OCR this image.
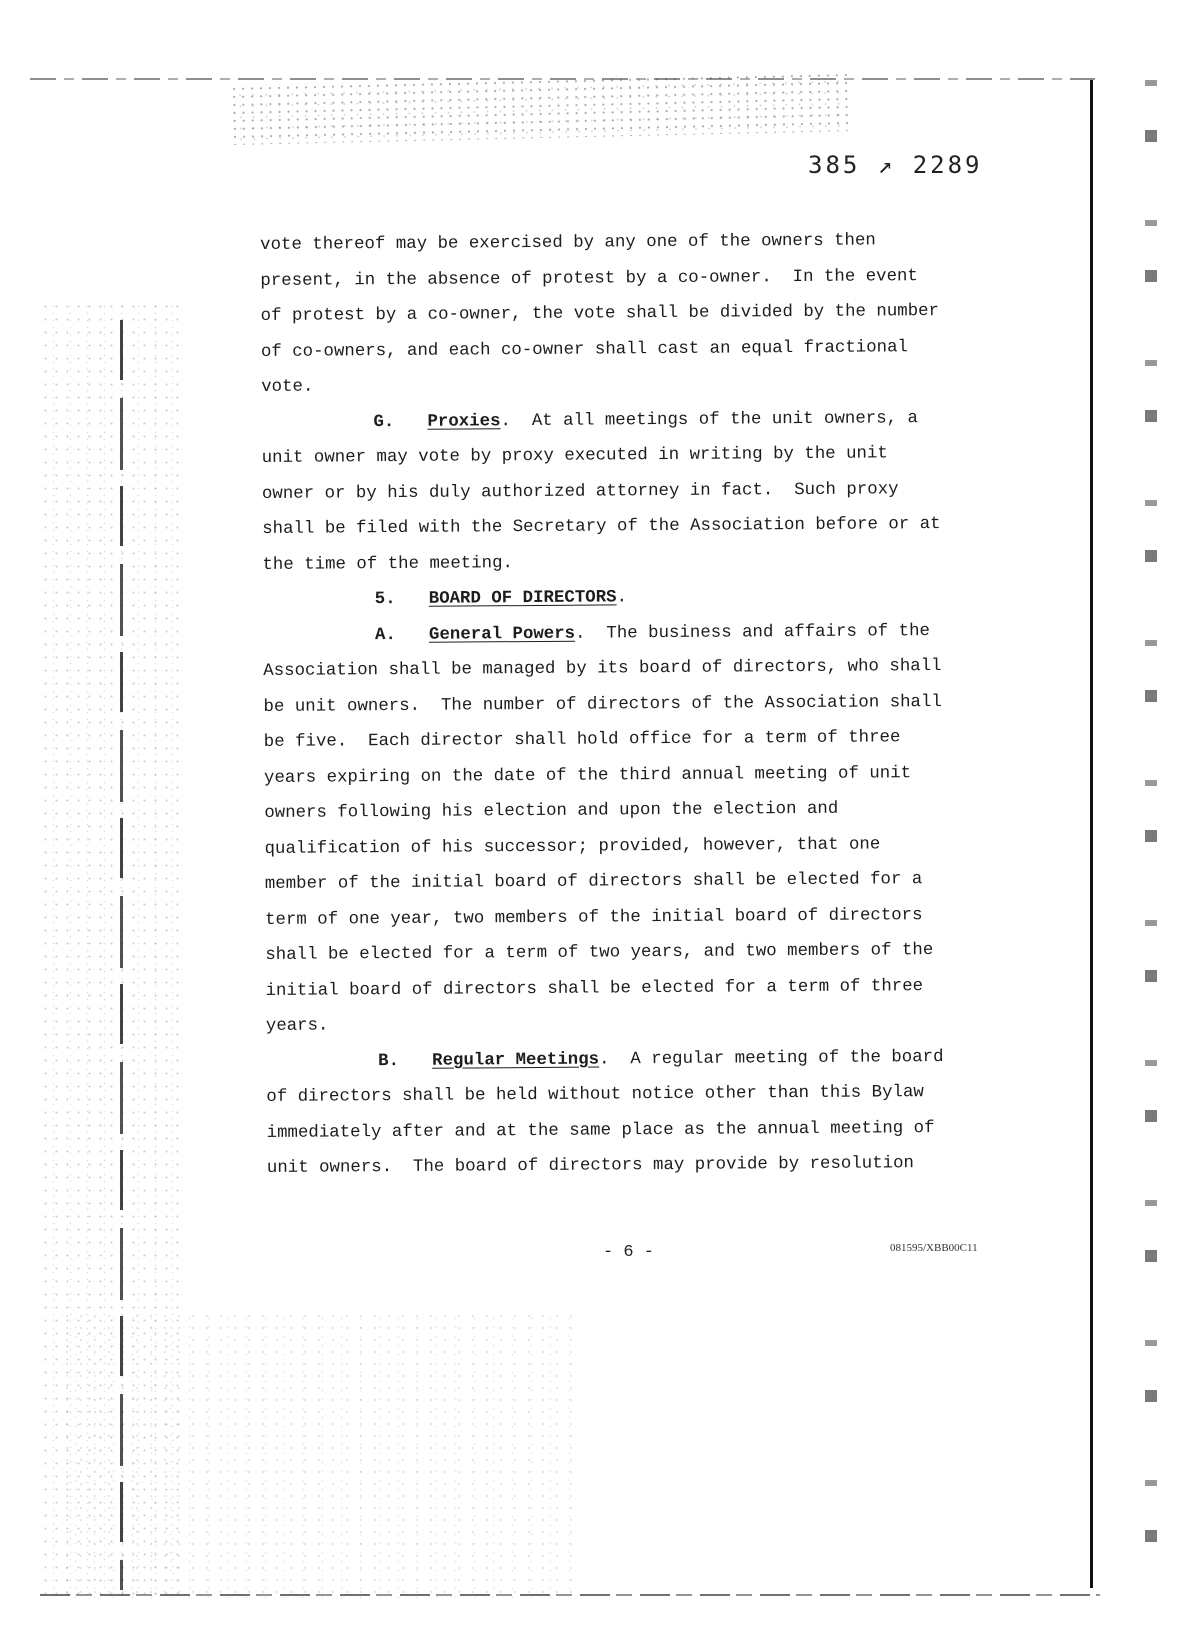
385 ↗ 2289

vote thereof may be exercised by any one of the owners then

present, in the absence of protest by a co-owner.  In the event

of protest by a co-owner, the vote shall be divided by the number

of co-owners, and each co-owner shall cast an equal fractional

vote.

G. Proxies.  At all meetings of the unit owners, a

unit owner may vote by proxy executed in writing by the unit

owner or by his duly authorized attorney in fact.  Such proxy

shall be filed with the Secretary of the Association before or at

the time of the meeting.

5. BOARD OF DIRECTORS.

A. General Powers.  The business and affairs of the

Association shall be managed by its board of directors, who shall

be unit owners.  The number of directors of the Association shall

be five.  Each director shall hold office for a term of three

years expiring on the date of the third annual meeting of unit

owners following his election and upon the election and

qualification of his successor; provided, however, that one

member of the initial board of directors shall be elected for a

term of one year, two members of the initial board of directors

shall be elected for a term of two years, and two members of the

initial board of directors shall be elected for a term of three

years.

B. Regular Meetings.  A regular meeting of the board

of directors shall be held without notice other than this Bylaw

immediately after and at the same place as the annual meeting of

unit owners.  The board of directors may provide by resolution

- 6 -	081595/XBB00C11
